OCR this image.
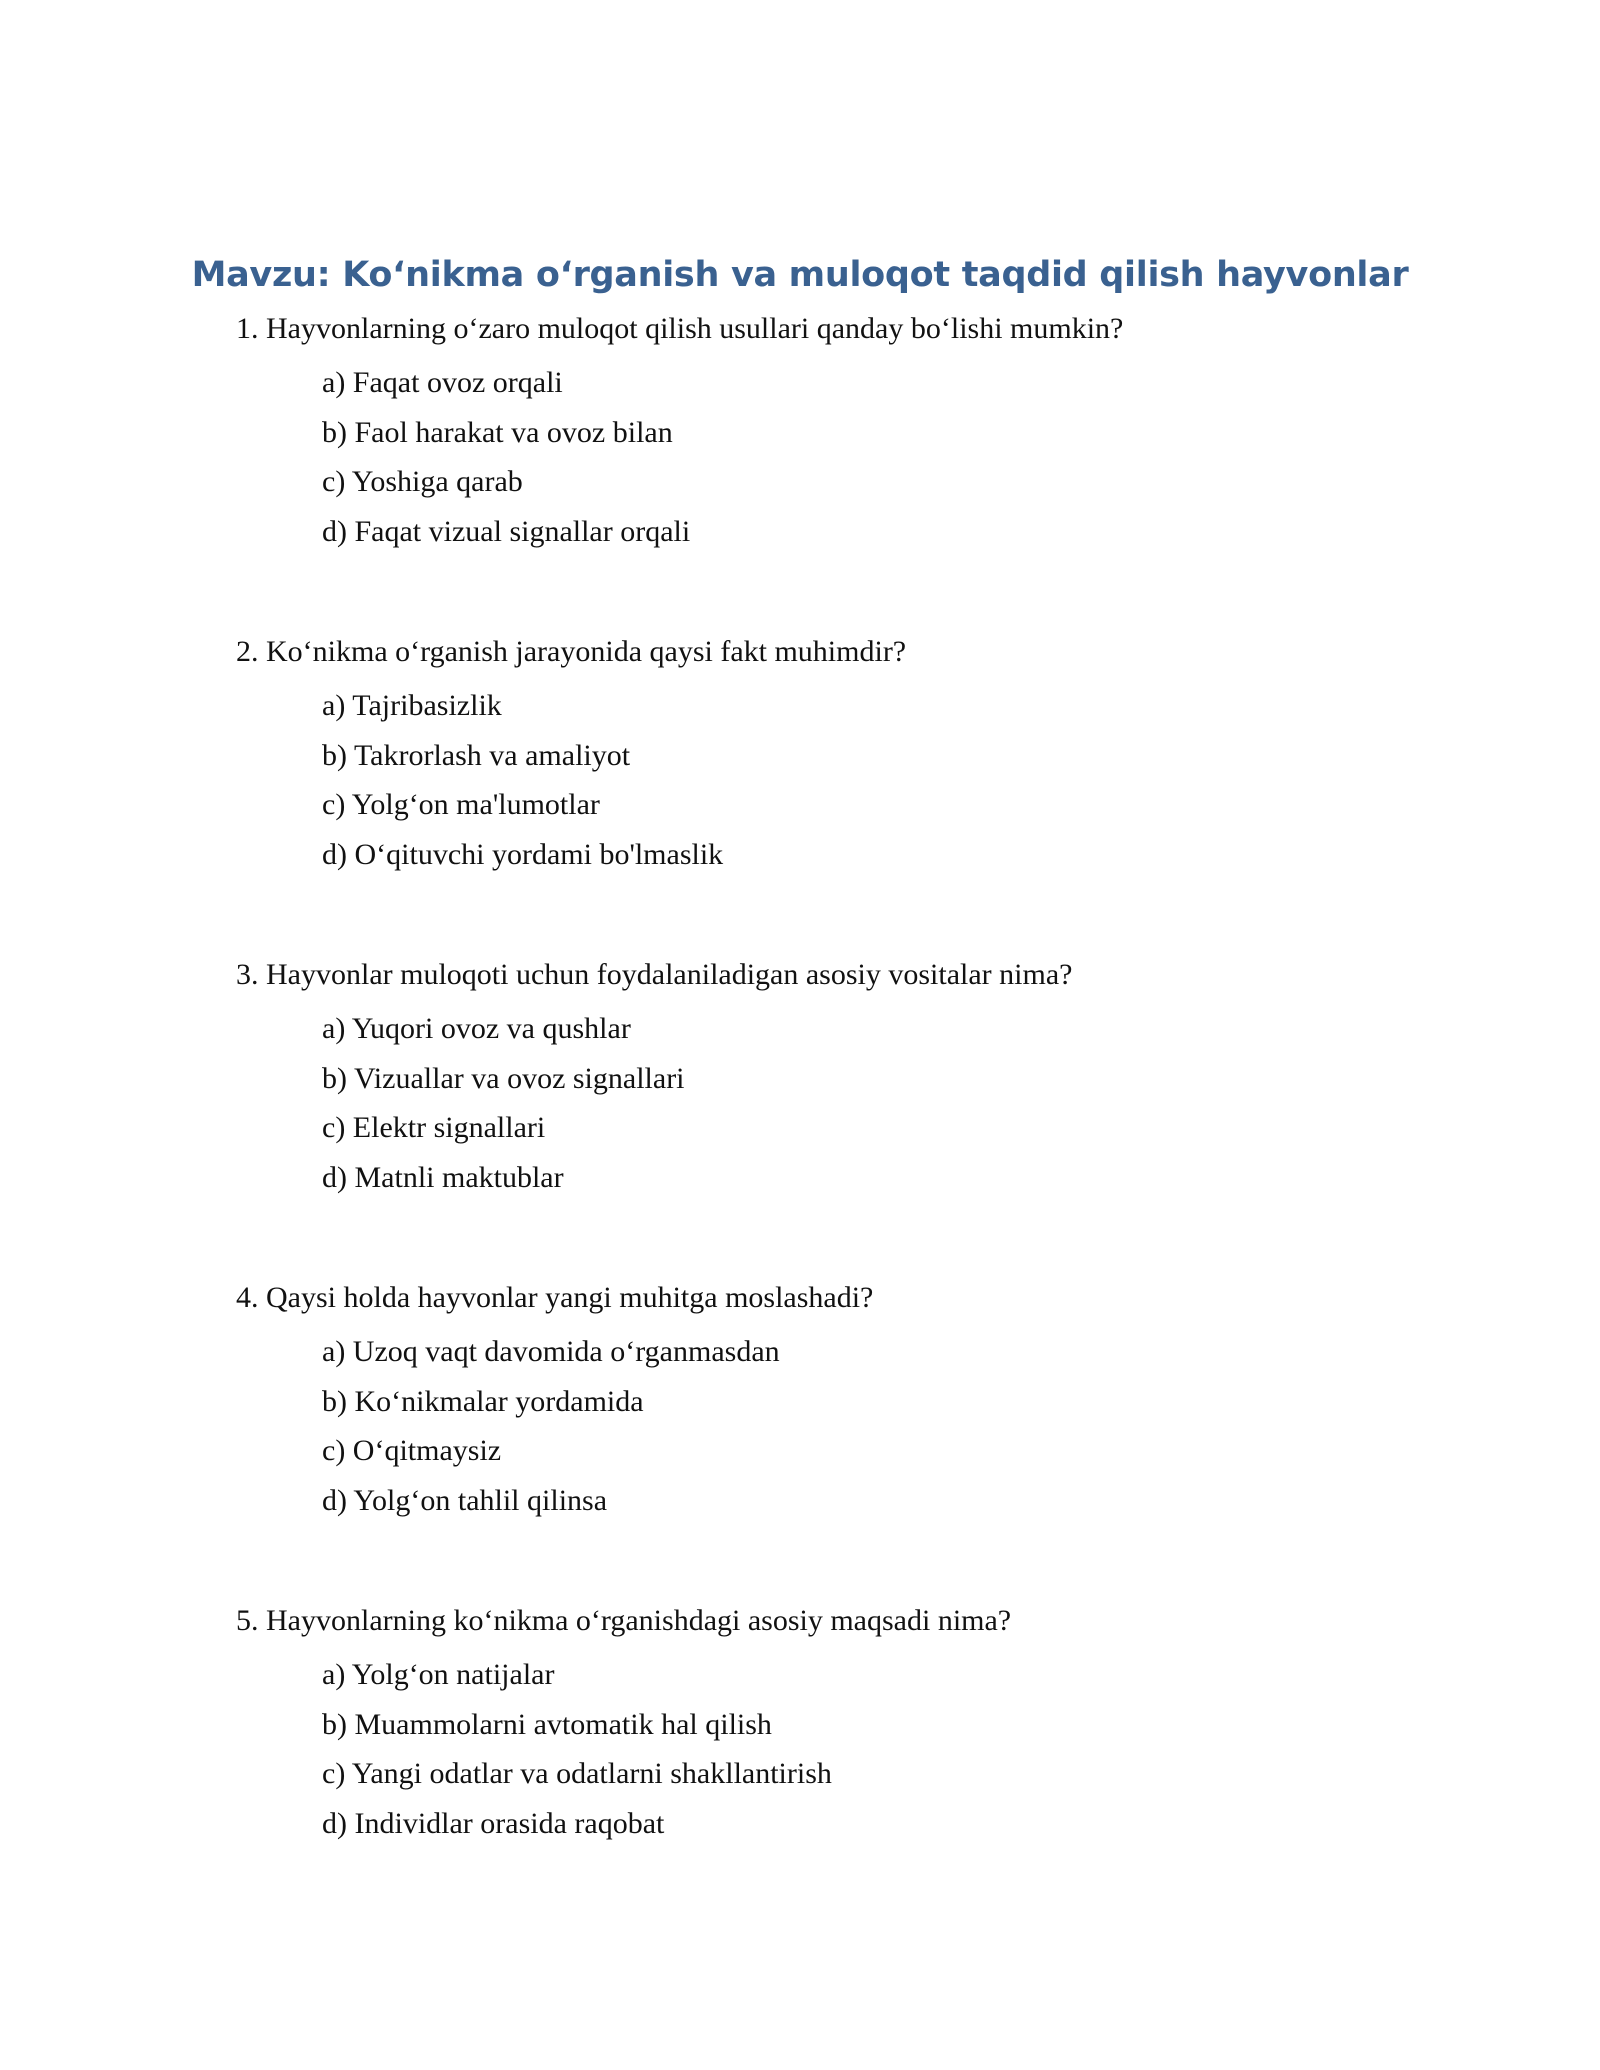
Mavzu: Koʻnikma oʻrganish va muloqot taqdid qilish hayvonlar
1. Hayvonlarning oʻzaro muloqot qilish usullari qanday boʻlishi mumkin?
a) Faqat ovoz orqali
b) Faol harakat va ovoz bilan
c) Yoshiga qarab
d) Faqat vizual signallar orqali
2. Koʻnikma oʻrganish jarayonida qaysi fakt muhimdir?
a) Tajribasizlik
b) Takrorlash va amaliyot
c) Yolgʻon ma'lumotlar
d) Oʻqituvchi yordami bo'lmaslik
3. Hayvonlar muloqoti uchun foydalaniladigan asosiy vositalar nima?
a) Yuqori ovoz va qushlar
b) Vizuallar va ovoz signallari
c) Elektr signallari
d) Matnli maktublar
4. Qaysi holda hayvonlar yangi muhitga moslashadi?
a) Uzoq vaqt davomida oʻrganmasdan
b) Koʻnikmalar yordamida
c) Oʻqitmaysiz
d) Yolgʻon tahlil qilinsa
5. Hayvonlarning koʻnikma oʻrganishdagi asosiy maqsadi nima?
a) Yolgʻon natijalar
b) Muammolarni avtomatik hal qilish
c) Yangi odatlar va odatlarni shakllantirish
d) Individlar orasida raqobat
